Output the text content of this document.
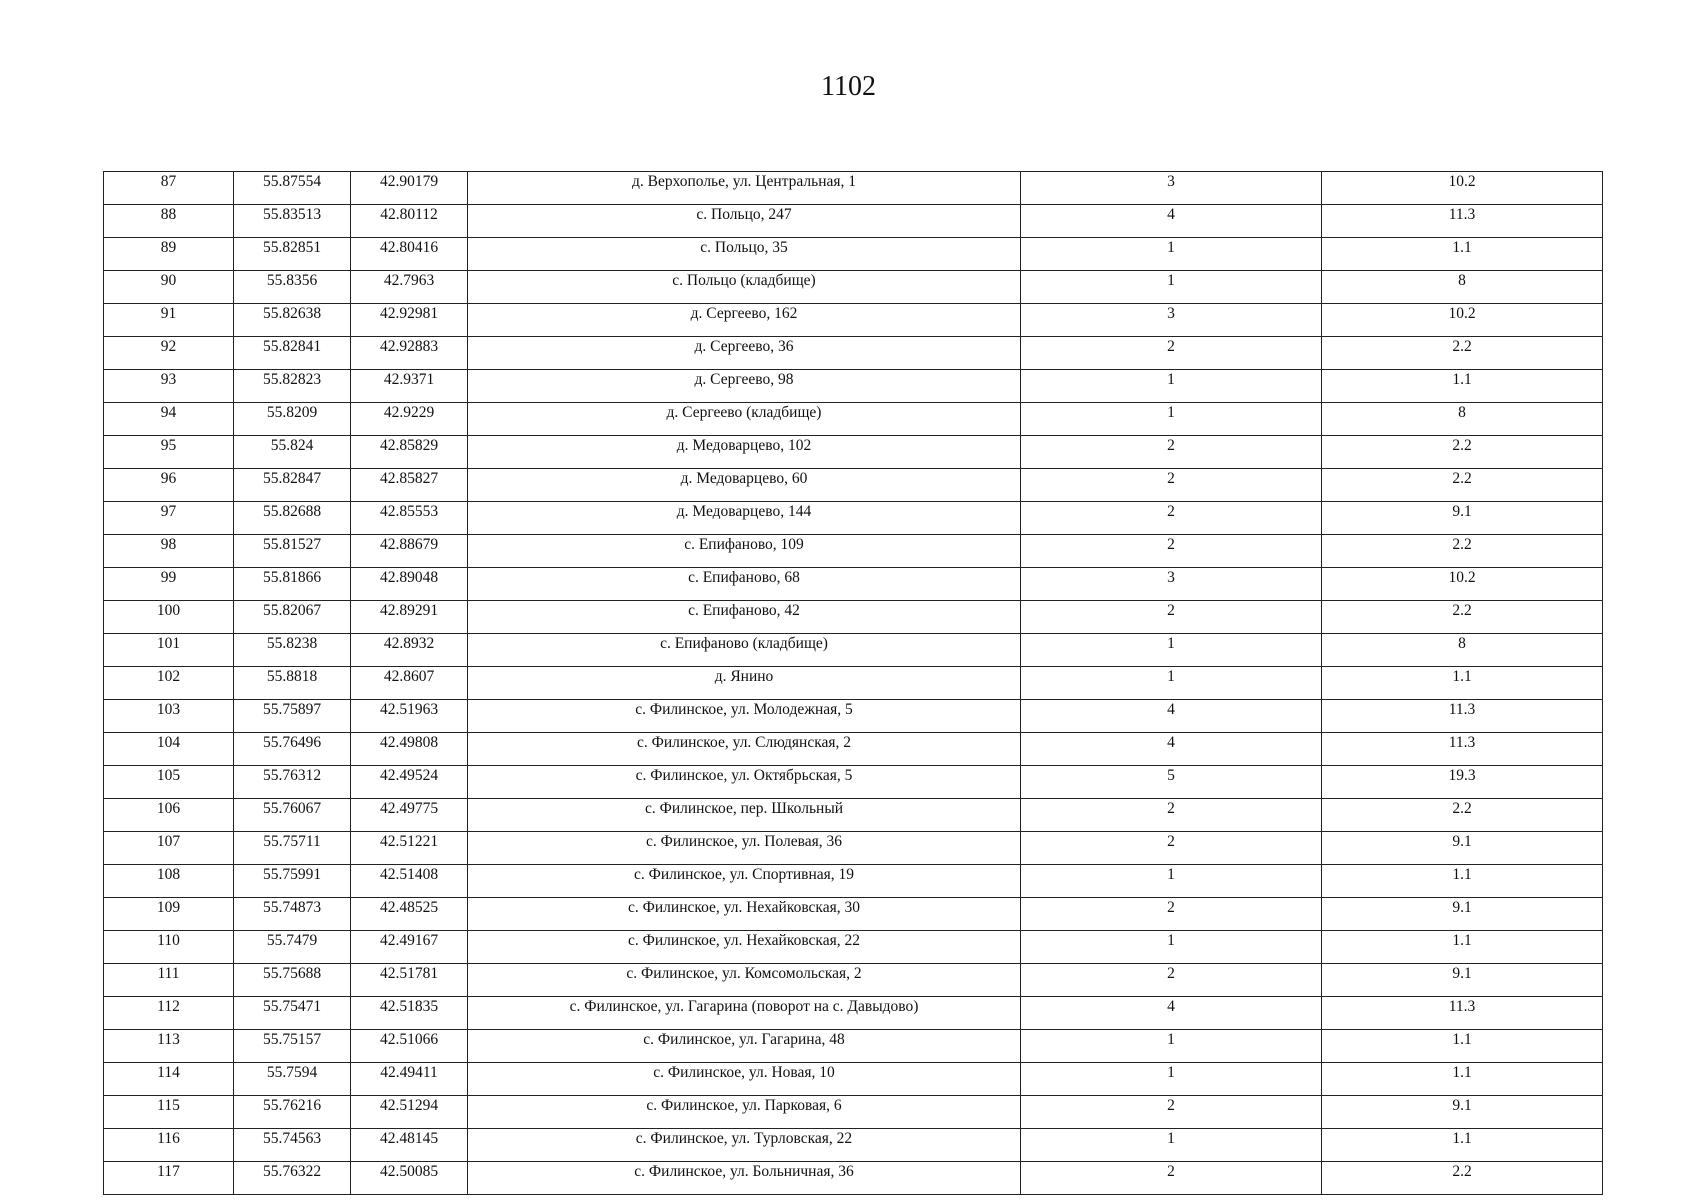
1102
87	55.87554	42.90179	д. Верхополье, ул. Центральная, 1	3	10.2
88	55.83513	42.80112	с. Польцо, 247	4	11.3
89	55.82851	42.80416	с. Польцо, 35	1	1.1
90	55.8356	42.7963	с. Польцо (кладбище)	1	8
91	55.82638	42.92981	д. Сергеево, 162	3	10.2
92	55.82841	42.92883	д. Сергеево, 36	2	2.2
93	55.82823	42.9371	д. Сергеево, 98	1	1.1
94	55.8209	42.9229	д. Сергеево (кладбище)	1	8
95	55.824	42.85829	д. Медоварцево, 102	2	2.2
96	55.82847	42.85827	д. Медоварцево, 60	2	2.2
97	55.82688	42.85553	д. Медоварцево, 144	2	9.1
98	55.81527	42.88679	с. Епифаново, 109	2	2.2
99	55.81866	42.89048	с. Епифаново, 68	3	10.2
100	55.82067	42.89291	с. Епифаново, 42	2	2.2
101	55.8238	42.8932	с. Епифаново (кладбище)	1	8
102	55.8818	42.8607	д. Янино	1	1.1
103	55.75897	42.51963	с. Филинское, ул. Молодежная, 5	4	11.3
104	55.76496	42.49808	с. Филинское, ул. Слюдянская, 2	4	11.3
105	55.76312	42.49524	с. Филинское, ул. Октябрьская, 5	5	19.3
106	55.76067	42.49775	с. Филинское, пер. Школьный	2	2.2
107	55.75711	42.51221	с. Филинское, ул. Полевая, 36	2	9.1
108	55.75991	42.51408	с. Филинское, ул. Спортивная, 19	1	1.1
109	55.74873	42.48525	с. Филинское, ул. Нехайковская, 30	2	9.1
110	55.7479	42.49167	с. Филинское, ул. Нехайковская, 22	1	1.1
111	55.75688	42.51781	с. Филинское, ул. Комсомольская, 2	2	9.1
112	55.75471	42.51835	с. Филинское, ул. Гагарина (поворот на с. Давыдово)	4	11.3
113	55.75157	42.51066	с. Филинское, ул. Гагарина, 48	1	1.1
114	55.7594	42.49411	с. Филинское, ул. Новая, 10	1	1.1
115	55.76216	42.51294	с. Филинское, ул. Парковая, 6	2	9.1
116	55.74563	42.48145	с. Филинское, ул. Турловская, 22	1	1.1
117	55.76322	42.50085	с. Филинское, ул. Больничная, 36	2	2.2
